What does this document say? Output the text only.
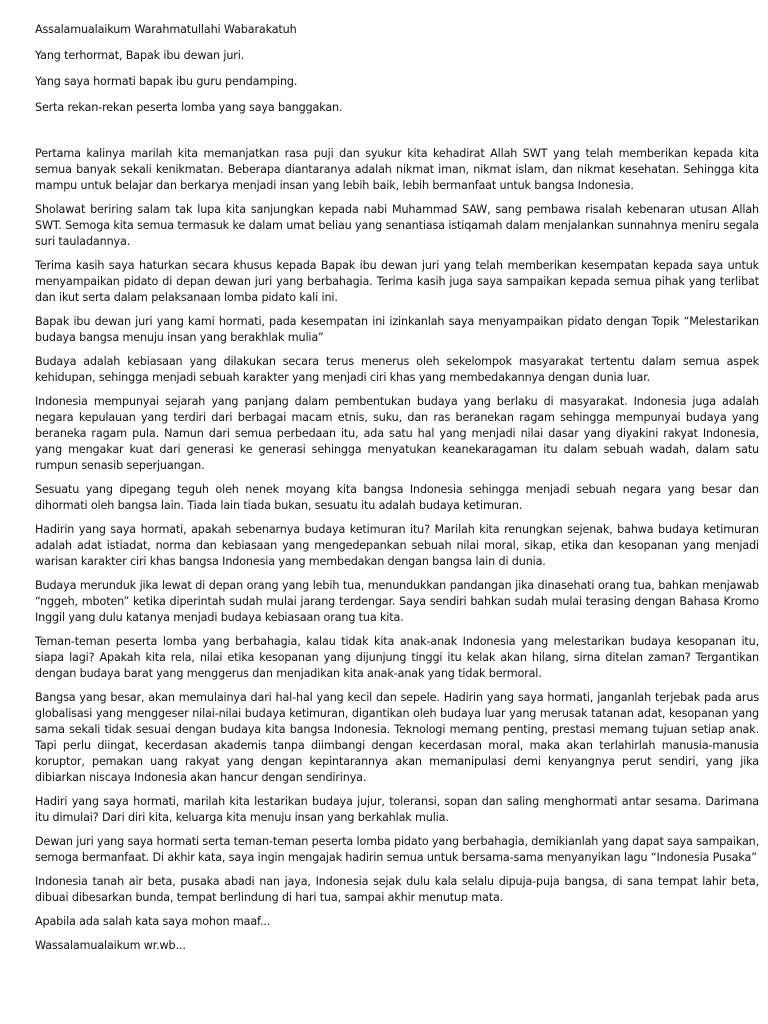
Assalamualaikum Warahmatullahi Wabarakatuh

Yang terhormat, Bapak ibu dewan juri.

Yang saya hormati bapak ibu guru pendamping.

Serta rekan-rekan peserta lomba yang saya banggakan.

Pertama kalinya marilah kita memanjatkan rasa puji dan syukur kita kehadirat Allah SWT yang telah memberikan kepada kita semua banyak sekali kenikmatan. Beberapa diantaranya adalah nikmat iman, nikmat islam, dan nikmat kesehatan. Sehingga kita mampu untuk belajar dan berkarya menjadi insan yang lebih baik, lebih bermanfaat untuk bangsa Indonesia.

Sholawat beriring salam tak lupa kita sanjungkan kepada nabi Muhammad SAW, sang pembawa risalah kebenaran utusan Allah SWT. Semoga kita semua termasuk ke dalam umat beliau yang senantiasa istiqamah dalam menjalankan sunnahnya meniru segala suri tauladannya.

Terima kasih saya haturkan secara khusus kepada Bapak ibu dewan juri yang telah memberikan kesempatan kepada saya untuk menyampaikan pidato di depan dewan juri yang berbahagia. Terima kasih juga saya sampaikan kepada semua pihak yang terlibat dan ikut serta dalam pelaksanaan lomba pidato kali ini.

Bapak ibu dewan juri yang kami hormati, pada kesempatan ini izinkanlah saya menyampaikan pidato dengan Topik “Melestarikan budaya bangsa menuju insan yang berakhlak mulia”

Budaya adalah kebiasaan yang dilakukan secara terus menerus oleh sekelompok masyarakat tertentu dalam semua aspek kehidupan, sehingga menjadi sebuah karakter yang menjadi ciri khas yang membedakannya dengan dunia luar.

Indonesia mempunyai sejarah yang panjang dalam pembentukan budaya yang berlaku di masyarakat. Indonesia juga adalah negara kepulauan yang terdiri dari berbagai macam etnis, suku, dan ras beranekan ragam sehingga mempunyai budaya yang beraneka ragam pula. Namun dari semua perbedaan itu, ada satu hal yang menjadi nilai dasar yang diyakini rakyat Indonesia, yang mengakar kuat dari generasi ke generasi sehingga menyatukan keanekaragaman itu dalam sebuah wadah, dalam satu rumpun senasib seperjuangan.

Sesuatu yang dipegang teguh oleh nenek moyang kita bangsa Indonesia sehingga menjadi sebuah negara yang besar dan dihormati oleh bangsa lain. Tiada lain tiada bukan, sesuatu itu adalah budaya ketimuran.

Hadirin yang saya hormati, apakah sebenarnya budaya ketimuran itu? Marilah kita renungkan sejenak, bahwa budaya ketimuran adalah adat istiadat, norma dan kebiasaan yang mengedepankan sebuah nilai moral, sikap, etika dan kesopanan yang menjadi warisan karakter ciri khas bangsa Indonesia yang membedakan dengan bangsa lain di dunia.

Budaya merunduk jika lewat di depan orang yang lebih tua, menundukkan pandangan jika dinasehati orang tua, bahkan menjawab “nggeh, mboten” ketika diperintah sudah mulai jarang terdengar. Saya sendiri bahkan sudah mulai terasing dengan Bahasa Kromo Inggil yang dulu katanya menjadi budaya kebiasaan orang tua kita.

Teman-teman peserta lomba yang berbahagia, kalau tidak kita anak-anak Indonesia yang melestarikan budaya kesopanan itu, siapa lagi? Apakah kita rela, nilai etika kesopanan yang dijunjung tinggi itu kelak akan hilang, sirna ditelan zaman? Tergantikan dengan budaya barat yang menggerus dan menjadikan kita anak-anak yang tidak bermoral.

Bangsa yang besar, akan memulainya dari hal-hal yang kecil dan sepele. Hadirin yang saya hormati, janganlah terjebak pada arus globalisasi yang menggeser nilai-nilai budaya ketimuran, digantikan oleh budaya luar yang merusak tatanan adat, kesopanan yang sama sekali tidak sesuai dengan budaya kita bangsa Indonesia. Teknologi memang penting, prestasi memang tujuan setiap anak. Tapi perlu diingat, kecerdasan akademis tanpa diimbangi dengan kecerdasan moral, maka akan terlahirlah manusia-manusia koruptor, pemakan uang rakyat yang dengan kepintarannya akan memanipulasi demi kenyangnya perut sendiri, yang jika dibiarkan niscaya Indonesia akan hancur dengan sendirinya.

Hadiri yang saya hormati, marilah kita lestarikan budaya jujur, toleransi, sopan dan saling menghormati antar sesama. Darimana itu dimulai? Dari diri kita, keluarga kita menuju insan yang berkahlak mulia.

Dewan juri yang saya hormati serta teman-teman peserta lomba pidato yang berbahagia, demikianlah yang dapat saya sampaikan, semoga bermanfaat. Di akhir kata, saya ingin mengajak hadirin semua untuk bersama-sama menyanyikan lagu “Indonesia Pusaka”

Indonesia tanah air beta, pusaka abadi nan jaya, Indonesia sejak dulu kala selalu dipuja-puja bangsa, di sana tempat lahir beta, dibuai dibesarkan bunda, tempat berlindung di hari tua, sampai akhir menutup mata.

Apabila ada salah kata saya mohon maaf...

Wassalamualaikum wr.wb...
